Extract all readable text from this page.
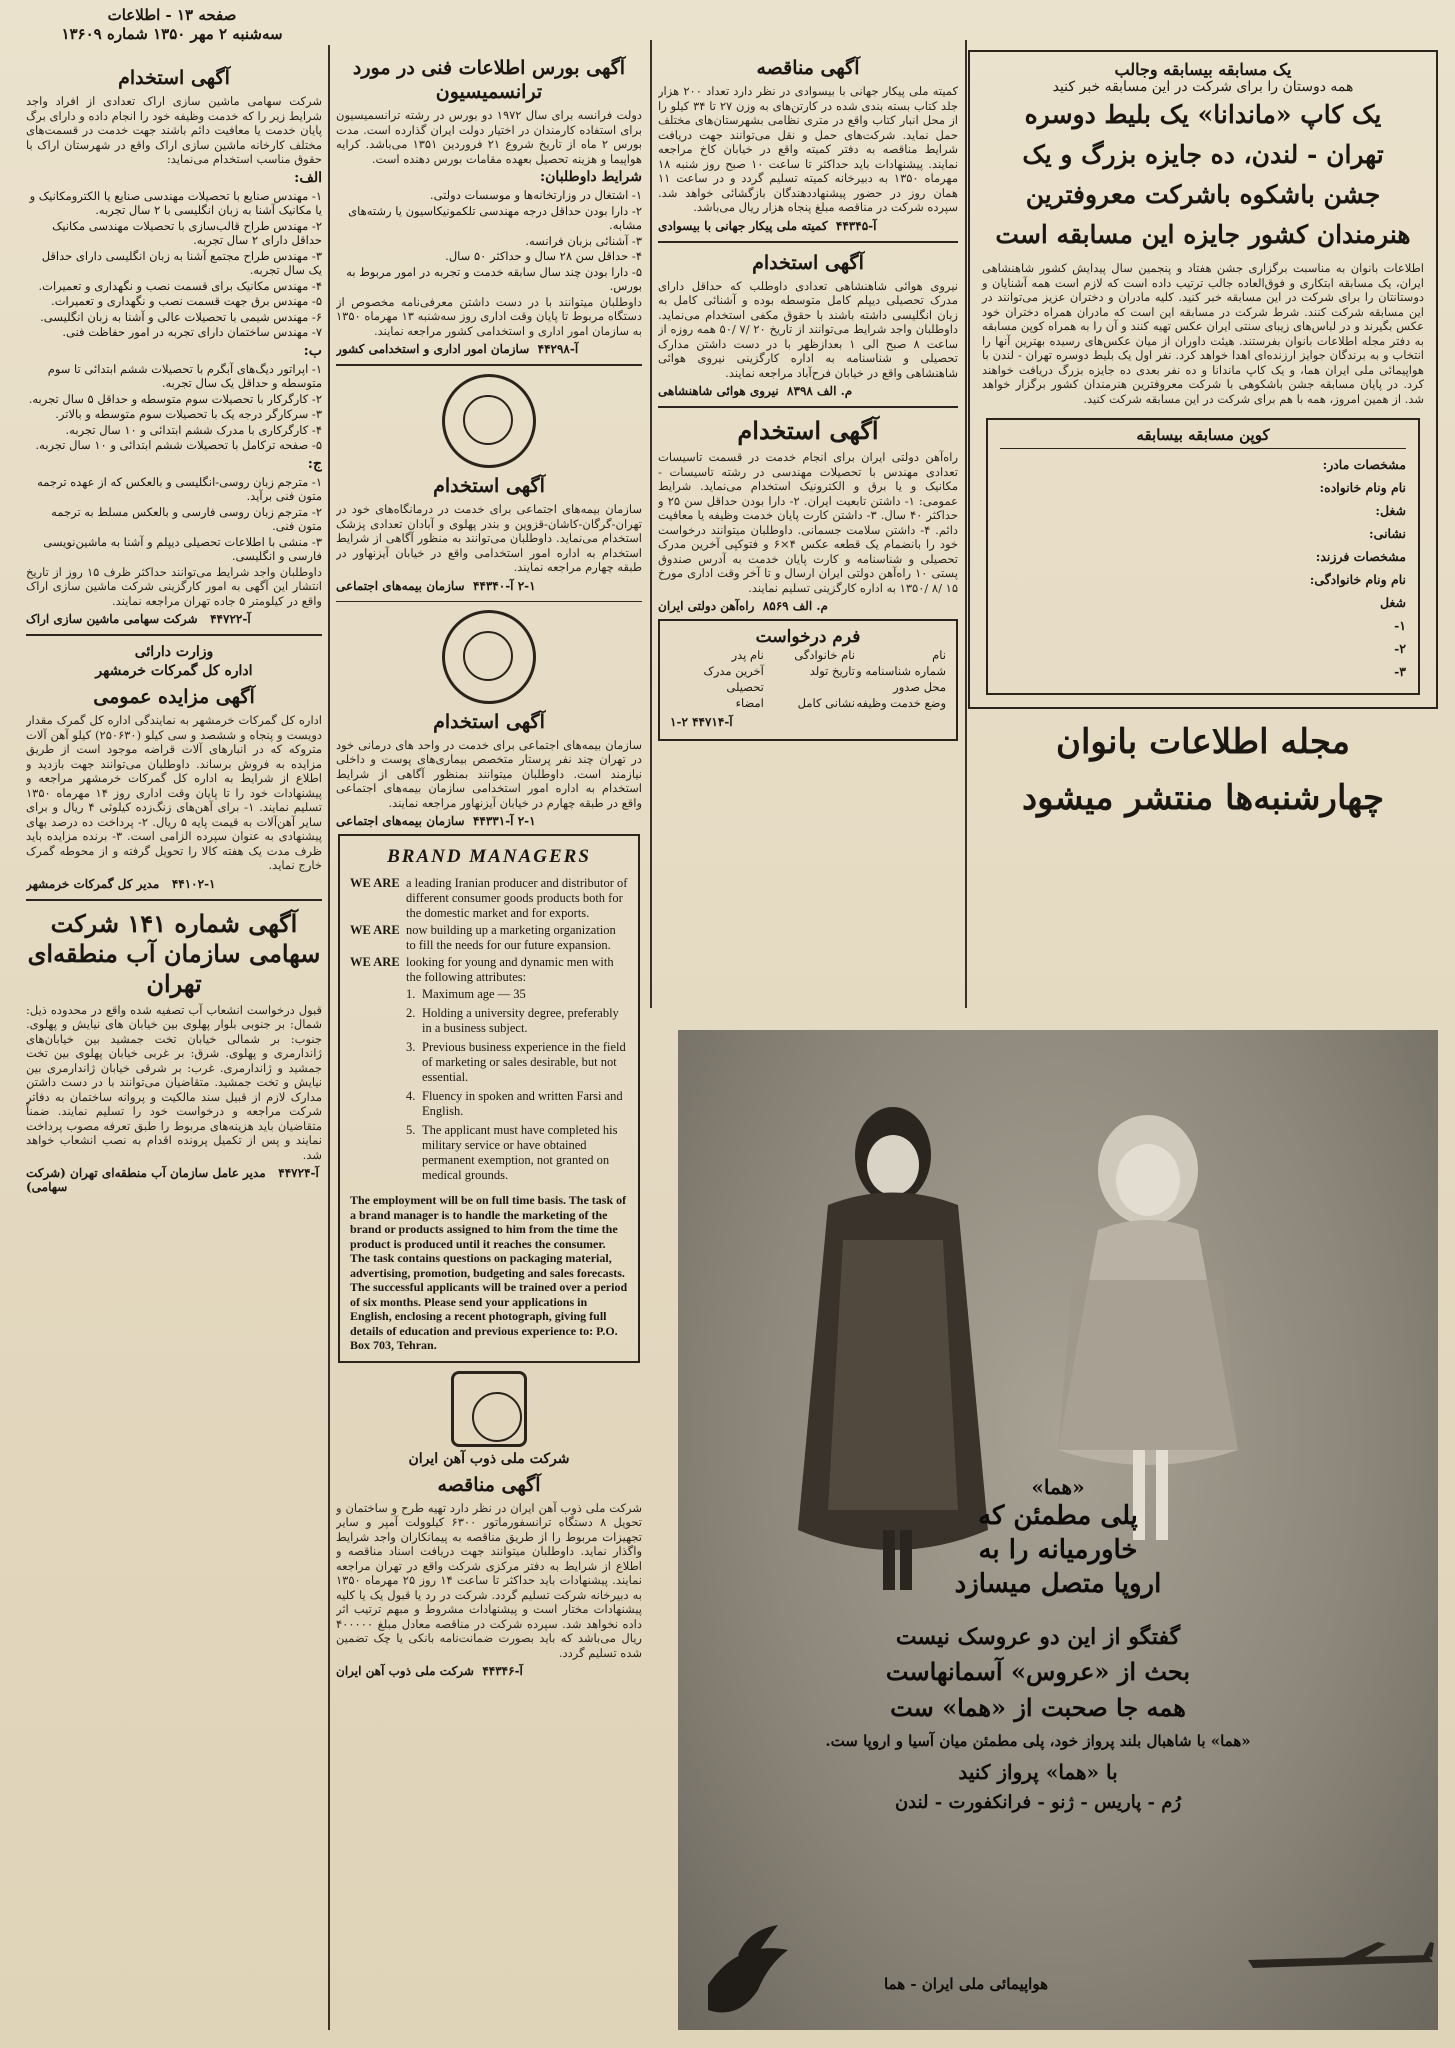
صفحه ۱۳ - اطلاعات
سه‌شنبه ۲ مهر ۱۳۵۰ شماره ۱۳۶۰۹
آگهی استخدام
شرکت سهامی ماشین سازی اراک تعدادی از افراد واجد شرایط زیر را که خدمت وظیفه خود را انجام داده و دارای برگ پایان خدمت یا معافیت دائم باشند جهت خدمت در قسمت‌های مختلف کارخانه ماشین سازی اراک واقع در شهرستان اراک با حقوق مناسب استخدام می‌نماید:
الف:
۱- مهندس صنایع با تحصیلات مهندسی صنایع یا الکترومکانیک و یا مکانیک آشنا به زبان انگلیسی با ۲ سال تجربه.
۲- مهندس طراح قالب‌سازی با تحصیلات مهندسی مکانیک حداقل دارای ۲ سال تجربه.
۳- مهندس طراح مجتمع آشنا به زبان انگلیسی دارای حداقل یک سال تجربه.
۴- مهندس مکانیک برای قسمت نصب و نگهداری و تعمیرات.
۵- مهندس برق جهت قسمت نصب و نگهداری و تعمیرات.
۶- مهندس شیمی با تحصیلات عالی و آشنا به زبان انگلیسی.
۷- مهندس ساختمان دارای تجربه در امور حفاظت فنی.
ب:
۱- اپراتور دیگ‌های آبگرم با تحصیلات ششم ابتدائی تا سوم متوسطه و حداقل یک سال تجربه.
۲- کارگرکار با تحصیلات سوم متوسطه و حداقل ۵ سال تجربه.
۳- سرکارگر درجه یک با تحصیلات سوم متوسطه و بالاتر.
۴- کارگرکاری با مدرک ششم ابتدائی و ۱۰ سال تجربه.
۵- صفحه ترکامل با تحصیلات ششم ابتدائی و ۱۰ سال تجربه.
ج:
۱- مترجم زبان روسی-انگلیسی و بالعکس که از عهده ترجمه متون فنی برآید.
۲- مترجم زبان روسی فارسی و بالعکس مسلط به ترجمه متون فنی.
۳- منشی با اطلاعات تحصیلی دیپلم و آشنا به ماشین‌نویسی فارسی و انگلیسی.
داوطلبان واجد شرایط می‌توانند حداکثر ظرف ۱۵ روز از تاریخ انتشار این آگهی به امور کارگزینی شرکت ماشین سازی اراک واقع در کیلومتر ۵ جاده تهران مراجعه نمایند.
آ-۴۴۷۲۲   شرکت سهامی ماشین سازی اراک
وزارت دارائی
اداره کل گمرکات خرمشهر
آگهی مزایده عمومی
اداره کل گمرکات خرمشهر به نمایندگی اداره کل گمرک مقدار دویست و پنجاه و ششصد و سی کیلو (۲۵۰۶۳۰) کیلو آهن آلات متروکه که در انبارهای آلات قراضه موجود است از طریق مزایده به فروش برساند. داوطلبان می‌توانند جهت بازدید و اطلاع از شرایط به اداره کل گمرکات خرمشهر مراجعه و پیشنهادات خود را تا پایان وقت اداری روز ۱۴ مهرماه ۱۳۵۰ تسلیم نمایند. ۱- برای آهن‌های زنگ‌زده کیلوئی ۴ ریال و برای سایر آهن‌آلات به قیمت پایه ۵ ریال. ۲- پرداخت ده درصد بهای پیشنهادی به عنوان سپرده الزامی است. ۳- برنده مزایده باید ظرف مدت یک هفته کالا را تحویل گرفته و از محوطه گمرک خارج نماید.
۴۴۱۰۲-۱   مدیر کل گمرکات خرمشهر
آگهی شماره ۱۴۱ شرکت سهامی سازمان آب منطقه‌ای تهران
قبول درخواست انشعاب آب تصفیه شده واقع در محدوده ذیل: شمال: بر جنوبی بلوار پهلوی بین خیابان های نیایش و پهلوی. جنوب: بر شمالی خیابان تخت جمشید بین خیابان‌های ژاندارمری و پهلوی. شرق: بر غربی خیابان پهلوی بین تخت جمشید و ژاندارمری. غرب: بر شرقی خیابان ژاندارمری بین نیایش و تخت جمشید. متقاضیان می‌توانند با در دست داشتن مدارک لازم از قبیل سند مالکیت و پروانه ساختمان به دفاتر شرکت مراجعه و درخواست خود را تسلیم نمایند. ضمناً متقاضیان باید هزینه‌های مربوط را طبق تعرفه مصوب پرداخت نمایند و پس از تکمیل پرونده اقدام به نصب انشعاب خواهد شد.
آ-۴۴۷۲۴   مدیر عامل سازمان آب منطقه‌ای تهران (شرکت سهامی)
آگهی بورس اطلاعات فنی در مورد ترانسمیسیون
دولت فرانسه برای سال ۱۹۷۲ دو بورس در رشته ترانسمیسیون برای استفاده کارمندان در اختیار دولت ایران گذارده است. مدت بورس ۲ ماه از تاریخ شروع ۲۱ فروردین ۱۳۵۱ می‌باشد. کرایه هواپیما و هزینه تحصیل بعهده مقامات بورس دهنده است.
شرایط داوطلبان:
۱- اشتغال در وزارتخانه‌ها و موسسات دولتی.
۲- دارا بودن حداقل درجه مهندسی تلکمونیکاسیون یا رشته‌های مشابه.
۳- آشنائی بزبان فرانسه.
۴- حداقل سن ۲۸ سال و حداکثر ۵۰ سال.
۵- دارا بودن چند سال سابقه خدمت و تجربه در امور مربوط به بورس.
داوطلبان میتوانند با در دست داشتن معرفی‌نامه مخصوص از دستگاه مربوط تا پایان وقت اداری روز سه‌شنبه ۱۳ مهرماه ۱۳۵۰ به سازمان امور اداری و استخدامی کشور مراجعه نمایند.
آ-۴۴۲۹۸  سازمان امور اداری و استخدامی کشور
آگهی استخدام
سازمان بیمه‌های اجتماعی برای خدمت در درمانگاه‌های خود در تهران-گرگان-کاشان-قزوین و بندر پهلوی و آبادان تعدادی پزشک استخدام می‌نماید. داوطلبان می‌توانند به منظور آگاهی از شرایط استخدام به اداره امور استخدامی واقع در خیابان آیزنهاور در طبقه چهارم مراجعه نمایند.
۲-۱ آ-۴۴۳۴۰  سازمان بیمه‌های اجتماعی
آگهی استخدام
سازمان بیمه‌های اجتماعی برای خدمت در واحد های درمانی خود در تهران چند نفر پرستار متخصص بیماری‌های پوست و داخلی نیازمند است. داوطلبان میتوانند بمنظور آگاهی از شرایط استخدام به اداره امور استخدامی سازمان بیمه‌های اجتماعی واقع در طبقه چهارم در خیابان آیزنهاور مراجعه نمایند.
۲-۱ آ-۴۴۳۳۱  سازمان بیمه‌های اجتماعی
BRAND MANAGERS
WE ARE a leading Iranian producer and distributor of different consumer goods products both for the domestic market and for exports.
WE ARE now building up a marketing organization to fill the needs for our future expansion.
WE ARE looking for young and dynamic men with the following attributes:
1. Maximum age — 35
2. Holding a university degree, preferably in a business subject.
3. Previous business experience in the field of marketing or sales desirable, but not essential.
4. Fluency in spoken and written Farsi and English.
5. The applicant must have completed his military service or have obtained permanent exemption, not granted on medical grounds.
The employment will be on full time basis. The task of a brand manager is to handle the marketing of the brand or products assigned to him from the time the product is produced until it reaches the consumer. The task contains questions on packaging material, advertising, promotion, budgeting and sales forecasts. The successful applicants will be trained over a period of six months. Please send your applications in English, enclosing a recent photograph, giving full details of education and previous experience to: P.O. Box 703, Tehran.
شرکت ملی ذوب آهن ایران
آگهی مناقصه
شرکت ملی ذوب آهن ایران در نظر دارد تهیه طرح و ساختمان و تحویل ۸ دستگاه ترانسفورماتور ۶۳۰۰ کیلوولت آمپر و سایر تجهیزات مربوط را از طریق مناقصه به پیمانکاران واجد شرایط واگذار نماید. داوطلبان میتوانند جهت دریافت اسناد مناقصه و اطلاع از شرایط به دفتر مرکزی شرکت واقع در تهران مراجعه نمایند. پیشنهادات باید حداکثر تا ساعت ۱۴ روز ۲۵ مهرماه ۱۳۵۰ به دبیرخانه شرکت تسلیم گردد. شرکت در رد یا قبول یک یا کلیه پیشنهادات مختار است و پیشنهادات مشروط و مبهم ترتیب اثر داده نخواهد شد. سپرده شرکت در مناقصه معادل مبلغ ۴۰۰۰۰۰ ریال می‌باشد که باید بصورت ضمانت‌نامه بانکی یا چک تضمین شده تسلیم گردد.
آ-۴۴۳۴۶  شرکت ملی ذوب آهن ایران
آگهی مناقصه
کمیته ملی پیکار جهانی با بیسوادی در نظر دارد تعداد ۲۰۰ هزار جلد کتاب بسته بندی شده در کارتن‌های به وزن ۲۷ تا ۳۴ کیلو را از محل انبار کتاب واقع در متری نظامی بشهرستان‌های مختلف حمل نماید. شرکت‌های حمل و نقل می‌توانند جهت دریافت شرایط مناقصه به دفتر کمیته واقع در خیابان کاخ مراجعه نمایند. پیشنهادات باید حداکثر تا ساعت ۱۰ صبح روز شنبه ۱۸ مهرماه ۱۳۵۰ به دبیرخانه کمیته تسلیم گردد و در ساعت ۱۱ همان روز در حضور پیشنهاددهندگان بازگشائی خواهد شد. سپرده شرکت در مناقصه مبلغ پنجاه هزار ریال می‌باشد.
آ-۴۴۳۴۵  کمیته ملی پیکار جهانی با بیسوادی
آگهی استخدام
نیروی هوائی شاهنشاهی تعدادی داوطلب که حداقل دارای مدرک تحصیلی دیپلم کامل متوسطه بوده و آشنائی کامل به زبان انگلیسی داشته باشند با حقوق مکفی استخدام می‌نماید. داوطلبان واجد شرایط می‌توانند از تاریخ ۲۰ /۷ /۵۰ همه روزه از ساعت ۸ صبح الی ۱ بعدازظهر با در دست داشتن مدارک تحصیلی و شناسنامه به اداره کارگزینی نیروی هوائی شاهنشاهی واقع در خیابان فرح‌آباد مراجعه نمایند.
م. الف ۸۳۹۸  نیروی هوائی شاهنشاهی
آگهی استخدام
راه‌آهن دولتی ایران برای انجام خدمت در قسمت تاسیسات تعدادی مهندس با تحصیلات مهندسی در رشته تاسیسات - مکانیک و یا برق و الکترونیک استخدام می‌نماید. شرایط عمومی: ۱- داشتن تابعیت ایران. ۲- دارا بودن حداقل سن ۲۵ و حداکثر ۴۰ سال. ۳- داشتن کارت پایان خدمت وظیفه یا معافیت دائم. ۴- داشتن سلامت جسمانی. داوطلبان میتوانند درخواست خود را بانضمام یک قطعه عکس ۴×۶ و فتوکپی آخرین مدرک تحصیلی و شناسنامه و کارت پایان خدمت به آدرس صندوق پستی ۱۰ راه‌آهن دولتی ایران ارسال و تا آخر وقت اداری مورخ ۱۵ /۸ /۱۳۵۰ به اداره کارگزینی تسلیم نمایند.
م. الف ۸۵۶۹  راه‌آهن دولتی ایران
فرم درخواست
نام
نام خانوادگی
نام پدر
شماره شناسنامه و محل صدور
تاریخ تولد
آخرین مدرک تحصیلی
وضع خدمت وظیفه
نشانی کامل
امضاء
آ-۴۴۷۱۴ ۲-۱
یک مسابقه بیسابقه وجالب
همه دوستان را برای شرکت در این مسابقه خبر کنید
یک کاپ «ماندانا» یک بلیط دوسره
تهران - لندن، ده جایزه بزرگ و یک
جشن باشکوه باشرکت معروفترین
هنرمندان کشور جایزه این مسابقه است
اطلاعات بانوان به مناسبت برگزاری جشن هفتاد و پنجمین سال پیدایش کشور شاهنشاهی ایران، یک مسابقه ابتکاری و فوق‌العاده جالب ترتیب داده است که لازم است همه آشنایان و دوستانتان را برای شرکت در این مسابقه خبر کنید. کلیه مادران و دختران عزیز می‌توانند در این مسابقه شرکت کنند. شرط شرکت در مسابقه این است که مادران همراه دختران خود عکس بگیرند و در لباس‌های زیبای سنتی ایران عکس تهیه کنند و آن را به همراه کوپن مسابقه به دفتر مجله اطلاعات بانوان بفرستند. هیئت داوران از میان عکس‌های رسیده بهترین آنها را انتخاب و به برندگان جوایز ارزنده‌ای اهدا خواهد کرد. نفر اول یک بلیط دوسره تهران - لندن با هواپیمائی ملی ایران هما، و یک کاپ ماندانا و ده نفر بعدی ده جایزه بزرگ دریافت خواهند کرد. در پایان مسابقه جشن باشکوهی با شرکت معروفترین هنرمندان کشور برگزار خواهد شد. از همین امروز، همه با هم برای شرکت در این مسابقه شرکت کنید.
کوپن مسابقه بیسابقه
مشخصات مادر:
نام ونام خانواده:
شغل:
نشانی:
مشخصات فرزند:
نام ونام خانوادگی:
شغل
۱-
۲-
۳-
مجله اطلاعات بانوان
چهارشنبه‌ها منتشر میشود
«هما»
پلی مطمئن که
خاورمیانه را به
اروپا متصل میسازد
گفتگو از این دو عروسک نیست
بحث از «عروس» آسمانهاست
همه جا صحبت از «هما» ست
«هما» با شاهبال بلند پرواز خود، پلی مطمئن میان آسیا و اروپا ست.
با «هما» پرواز کنید
رُم - پاریس - ژنو - فرانکفورت - لندن
هواپیمائی ملی ایران - هما
